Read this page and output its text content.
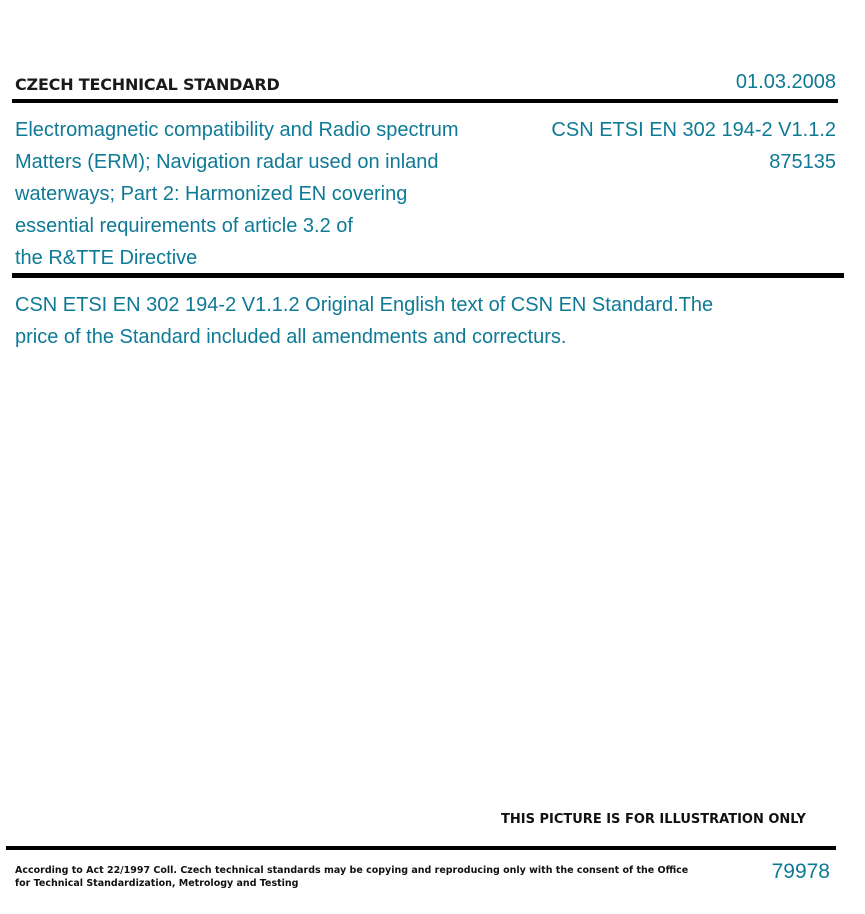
CZECH TECHNICAL STANDARD	01.03.2008
Electromagnetic compatibility and Radio spectrum
Matters (ERM); Navigation radar used on inland
waterways; Part 2: Harmonized EN covering
essential requirements of article 3.2 of
the R&TTE Directive
CSN ETSI EN 302 194-2 V1.1.2
875135
CSN ETSI EN 302 194-2 V1.1.2 Original English text of CSN EN Standard.The
price of the Standard included all amendments and correcturs.
THIS PICTURE IS FOR ILLUSTRATION ONLY
According to Act 22/1997 Coll. Czech technical standards may be copying and reproducing only with the consent of the Office
for Technical Standardization, Metrology and Testing
79978
